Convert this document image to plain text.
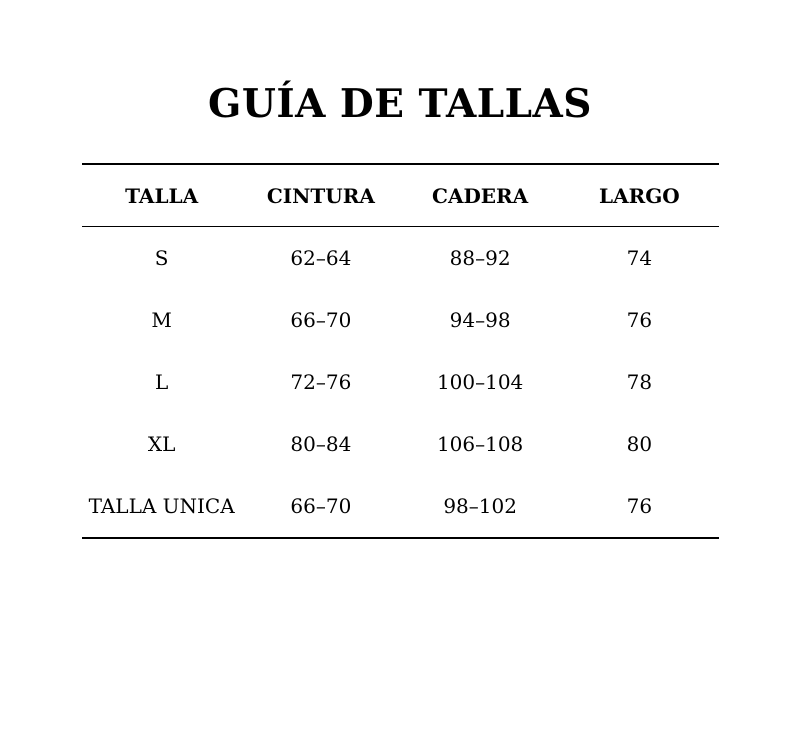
GUÍA DE TALLAS
TALLA	CINTURA	CADERA	LARGO
S	62–64	88–92	74
M	66–70	94–98	76
L	72–76	100–104	78
XL	80–84	106–108	80
TALLA UNICA	66–70	98–102	76
